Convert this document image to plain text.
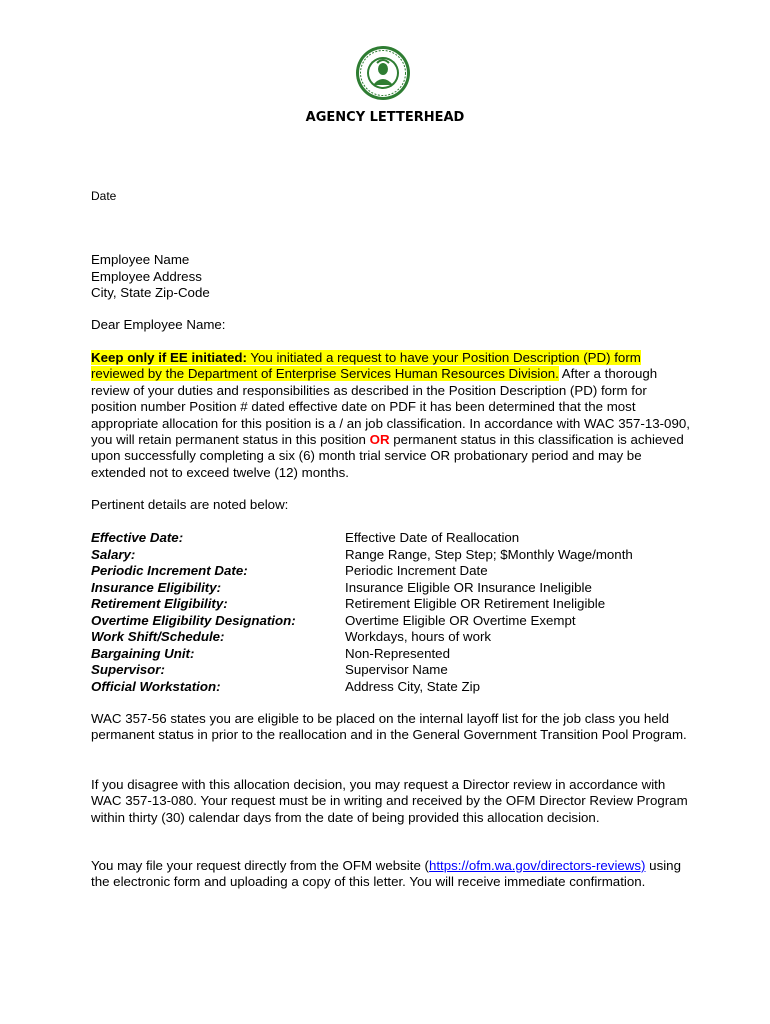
AGENCY LETTERHEAD
Date
Employee Name
Employee Address
City, State Zip-Code
Dear Employee Name:
Keep only if EE initiated: You initiated a request to have your Position Description (PD) form reviewed by the Department of Enterprise Services Human Resources Division. After a thorough review of your duties and responsibilities as described in the Position Description (PD) form for position number Position # dated effective date on PDF it has been determined that the most appropriate allocation for this position is a / an job classification. In accordance with WAC 357-13-090, you will retain permanent status in this position OR permanent status in this classification is achieved upon successfully completing a six (6) month trial service OR probationary period and may be extended not to exceed twelve (12) months.
Pertinent details are noted below:
Effective Date:	Effective Date of Reallocation
Salary:	Range Range, Step Step; $Monthly Wage/month
Periodic Increment Date:	Periodic Increment Date
Insurance Eligibility:	Insurance Eligible OR Insurance Ineligible
Retirement Eligibility:	Retirement Eligible OR Retirement Ineligible
Overtime Eligibility Designation:	Overtime Eligible OR Overtime Exempt
Work Shift/Schedule:	Workdays, hours of work
Bargaining Unit:	Non-Represented
Supervisor:	Supervisor Name
Official Workstation:	Address City, State Zip
WAC 357-56 states you are eligible to be placed on the internal layoff list for the job class you held permanent status in prior to the reallocation and in the General Government Transition Pool Program.
If you disagree with this allocation decision, you may request a Director review in accordance with WAC 357-13-080. Your request must be in writing and received by the OFM Director Review Program within thirty (30) calendar days from the date of being provided this allocation decision.
You may file your request directly from the OFM website (https://ofm.wa.gov/directors-reviews) using the electronic form and uploading a copy of this letter. You will receive immediate confirmation.
